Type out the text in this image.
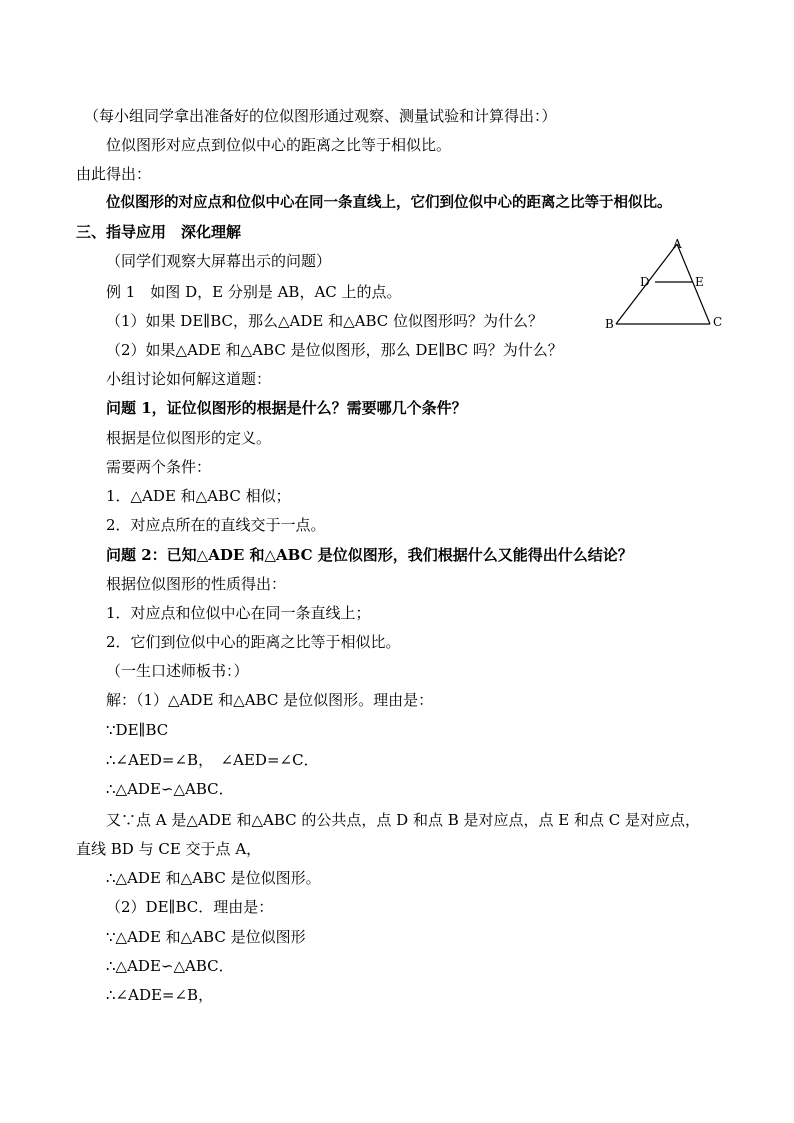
（每小组同学拿出准备好的位似图形通过观察、测量试验和计算得出：）
位似图形对应点到位似中心的距离之比等于相似比。
由此得出：
位似图形的对应点和位似中心在同一条直线上，它们到位似中心的距离之比等于相似比。
三、指导应用　深化理解
（同学们观察大屏幕出示的问题）
例 1　如图 D，E 分别是 AB，AC 上的点。
（1）如果 DE∥BC，那么△ADE 和△ABC 位似图形吗？为什么？
（2）如果△ADE 和△ABC 是位似图形，那么 DE∥BC 吗？为什么？
小组讨论如何解这道题：
问题 1，证位似图形的根据是什么？需要哪几个条件？
根据是位似图形的定义。
需要两个条件：
1．△ADE 和△ABC 相似；
2．对应点所在的直线交于一点。
问题 2：已知△ADE 和△ABC 是位似图形，我们根据什么又能得出什么结论？
根据位似图形的性质得出：
1．对应点和位似中心在同一条直线上；
2．它们到位似中心的距离之比等于相似比。
（一生口述师板书：）
解：（1）△ADE 和△ABC 是位似图形。理由是：
∵DE∥BC
∴∠AED=∠B，　∠AED=∠C．
∴△ADE∽△ABC．
又∵点 A 是△ADE 和△ABC 的公共点，点 D 和点 B 是对应点，点 E 和点 C 是对应点，
直线 BD 与 CE 交于点 A，
∴△ADE 和△ABC 是位似图形。
（2）DE∥BC．理由是：
∵△ADE 和△ABC 是位似图形
∴△ADE∽△ABC．
∴∠ADE=∠B，
A
D	E
B	C
